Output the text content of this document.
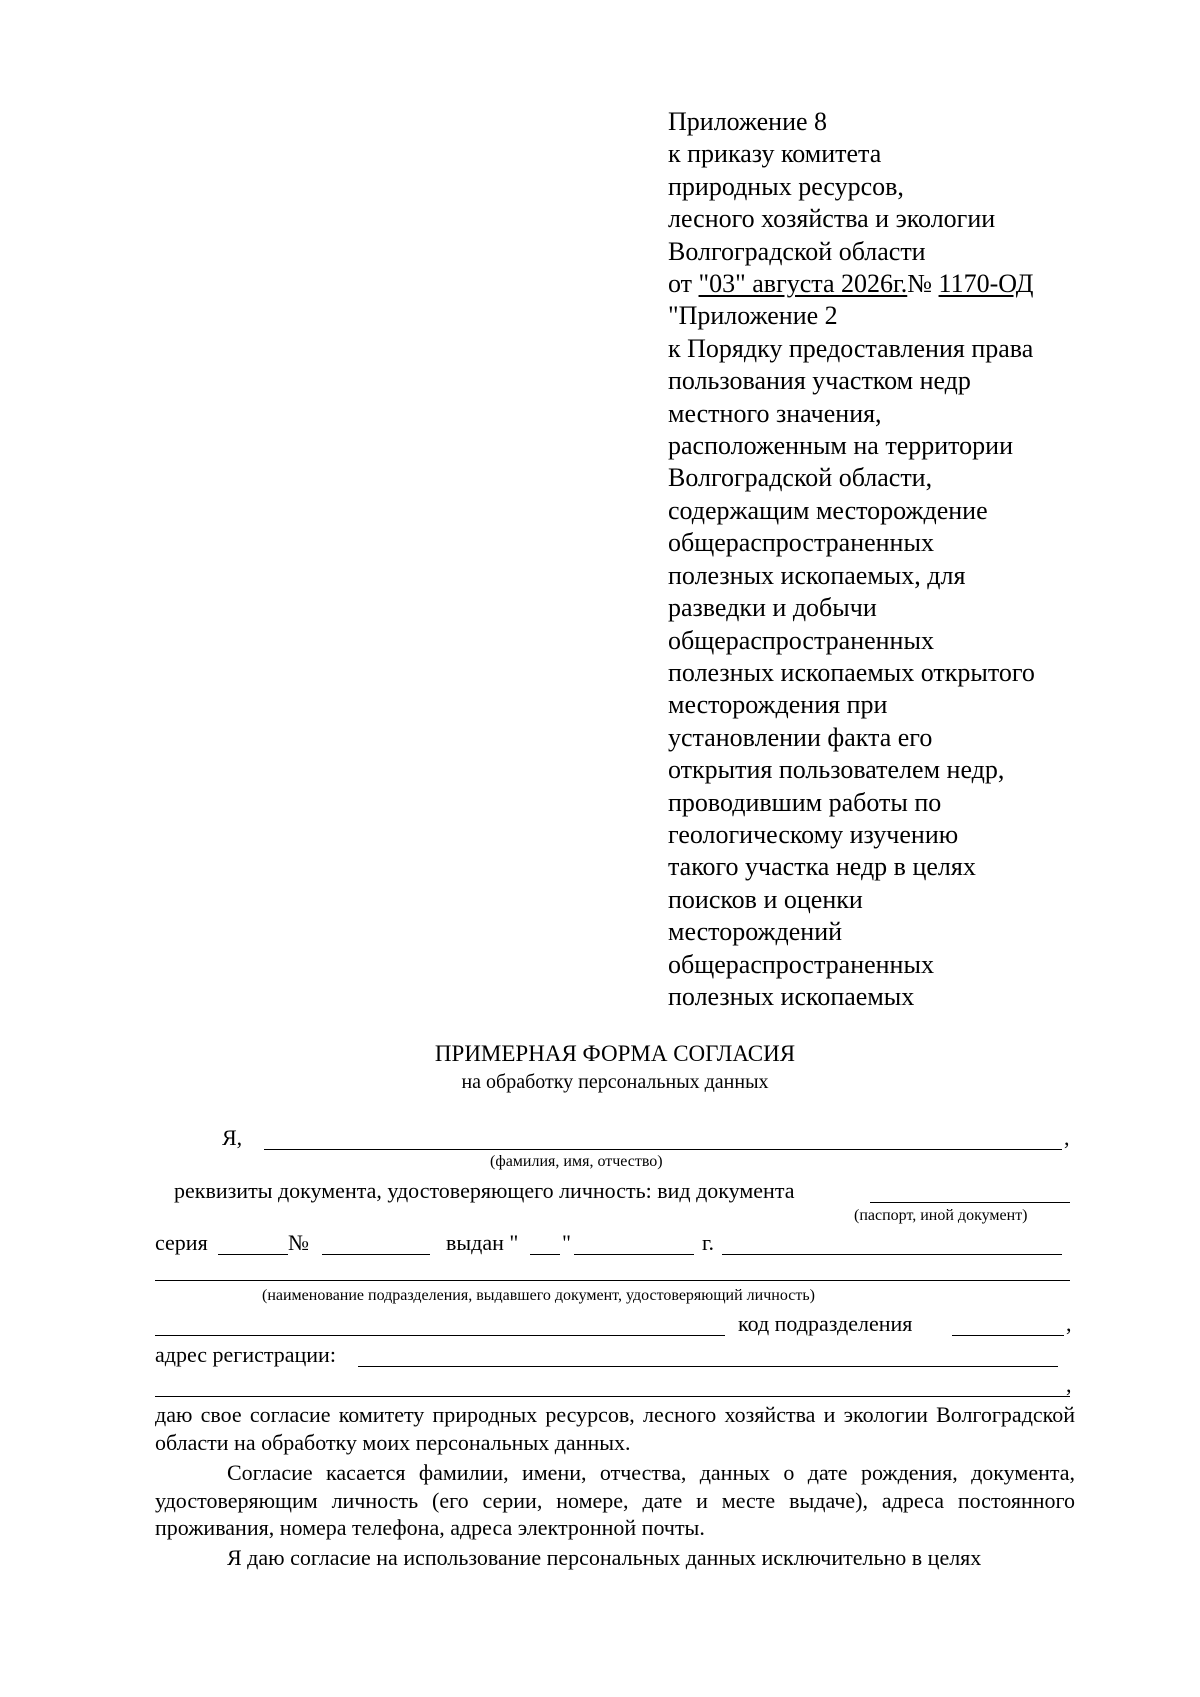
Приложение 8
к приказу комитета
природных ресурсов,
лесного хозяйства и экологии
Волгоградской области
от "03" августа 2026г.№ 1170-ОД
"Приложение 2
к Порядку предоставления права
пользования участком недр
местного значения,
расположенным на территории
Волгоградской области,
содержащим месторождение
общераспространенных
полезных ископаемых, для
разведки и добычи
общераспространенных
полезных ископаемых открытого
месторождения при
установлении факта его
открытия пользователем недр,
проводившим работы по
геологическому изучению
такого участка недр в целях
поисков и оценки
месторождений
общераспространенных
полезных ископаемых
ПРИМЕРНАЯ ФОРМА СОГЛАСИЯ
на обработку персональных данных
Я,	,
(фамилия, имя, отчество)
реквизиты документа, удостоверяющего личность: вид документа
(паспорт, иной документ)
серия	№	выдан " "	г.
(наименование подразделения, выдавшего документ, удостоверяющий личность)
код подразделения	,
адрес регистрации:
,
даю свое согласие комитету природных ресурсов, лесного хозяйства и экологии Волгоградской области на обработку моих персональных данных.
Согласие касается фамилии, имени, отчества, данных о дате рождения, документа, удостоверяющим личность (его серии, номере, дате и месте выдаче), адреса постоянного проживания, номера телефона, адреса электронной почты.
Я даю согласие на использование персональных данных исключительно в целях
